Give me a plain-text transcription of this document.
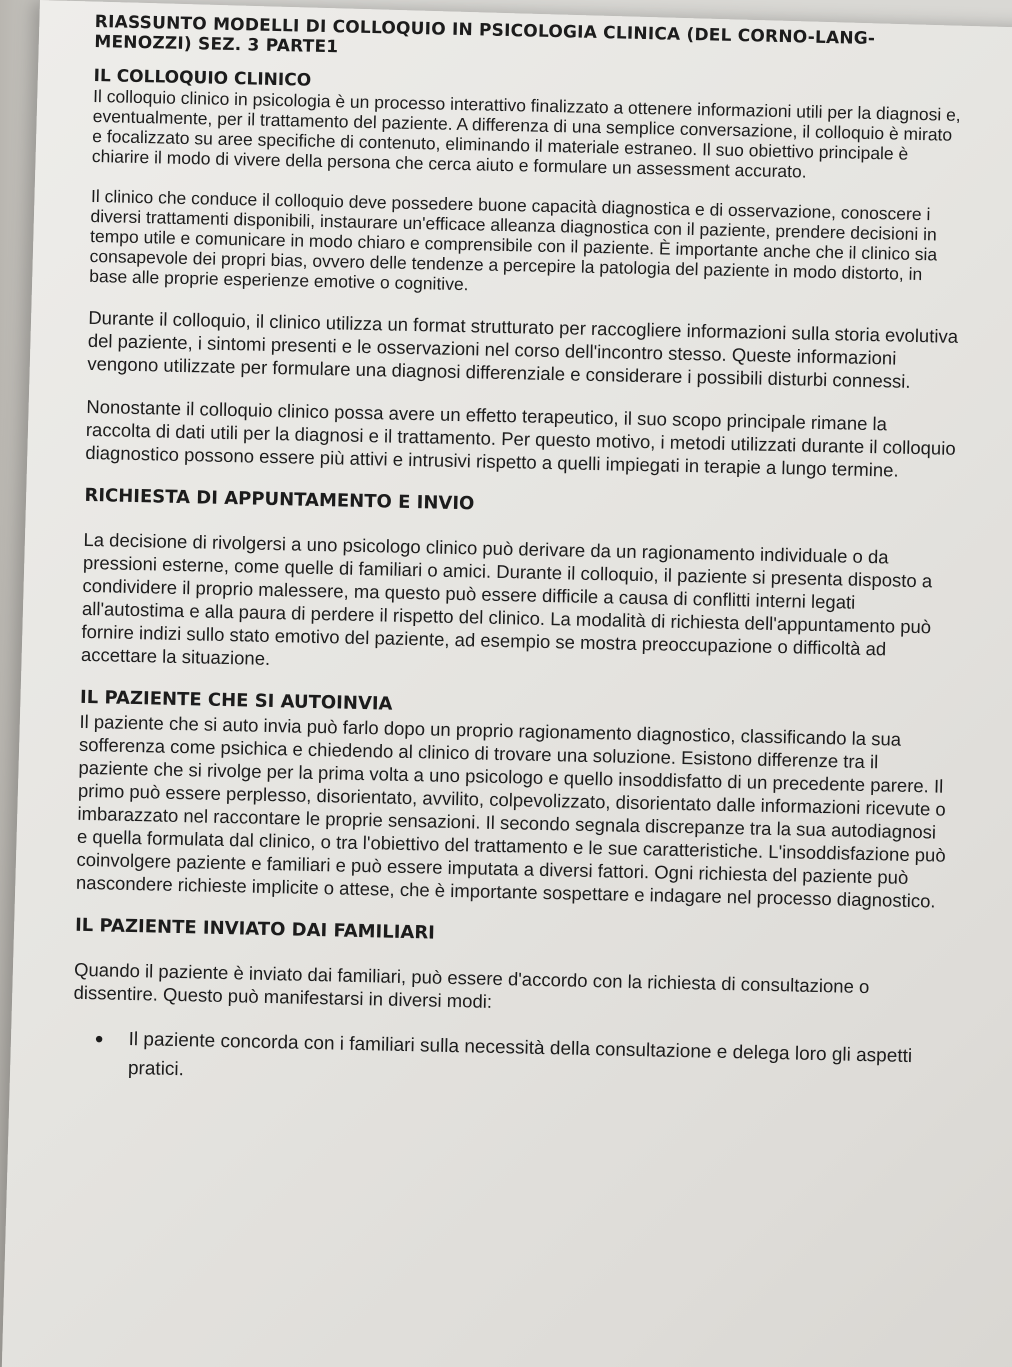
RIASSUNTO MODELLI DI COLLOQUIO IN PSICOLOGIA CLINICA (DEL CORNO-LANG-MENOZZI) SEZ. 3 PARTE1
IL COLLOQUIO CLINICO

Il colloquio clinico in psicologia è un processo interattivo finalizzato a ottenere informazioni utili per la diagnosi e, eventualmente, per il trattamento del paziente. A differenza di una semplice conversazione, il colloquio è mirato e focalizzato su aree specifiche di contenuto, eliminando il materiale estraneo. Il suo obiettivo principale è chiarire il modo di vivere della persona che cerca aiuto e formulare un assessment accurato.

Il clinico che conduce il colloquio deve possedere buone capacità diagnostica e di osservazione, conoscere i diversi trattamenti disponibili, instaurare un'efficace alleanza diagnostica con il paziente, prendere decisioni in tempo utile e comunicare in modo chiaro e comprensibile con il paziente. È importante anche che il clinico sia consapevole dei propri bias, ovvero delle tendenze a percepire la patologia del paziente in modo distorto, in base alle proprie esperienze emotive o cognitive.

Durante il colloquio, il clinico utilizza un format strutturato per raccogliere informazioni sulla storia evolutiva del paziente, i sintomi presenti e le osservazioni nel corso dell'incontro stesso. Queste informazioni vengono utilizzate per formulare una diagnosi differenziale e considerare i possibili disturbi connessi.

Nonostante il colloquio clinico possa avere un effetto terapeutico, il suo scopo principale rimane la raccolta di dati utili per la diagnosi e il trattamento. Per questo motivo, i metodi utilizzati durante il colloquio diagnostico possono essere più attivi e intrusivi rispetto a quelli impiegati in terapie a lungo termine.

RICHIESTA DI APPUNTAMENTO E INVIO

La decisione di rivolgersi a uno psicologo clinico può derivare da un ragionamento individuale o da pressioni esterne, come quelle di familiari o amici. Durante il colloquio, il paziente si presenta disposto a condividere il proprio malessere, ma questo può essere difficile a causa di conflitti interni legati all'autostima e alla paura di perdere il rispetto del clinico. La modalità di richiesta dell'appuntamento può fornire indizi sullo stato emotivo del paziente, ad esempio se mostra preoccupazione o difficoltà ad accettare la situazione.

IL PAZIENTE CHE SI AUTOINVIA

Il paziente che si auto invia può farlo dopo un proprio ragionamento diagnostico, classificando la sua sofferenza come psichica e chiedendo al clinico di trovare una soluzione. Esistono differenze tra il paziente che si rivolge per la prima volta a uno psicologo e quello insoddisfatto di un precedente parere. Il primo può essere perplesso, disorientato, avvilito, colpevolizzato, disorientato dalle informazioni ricevute o imbarazzato nel raccontare le proprie sensazioni. Il secondo segnala discrepanze tra la sua autodiagnosi e quella formulata dal clinico, o tra l'obiettivo del trattamento e le sue caratteristiche. L'insoddisfazione può coinvolgere paziente e familiari e può essere imputata a diversi fattori. Ogni richiesta del paziente può nascondere richieste implicite o attese, che è importante sospettare e indagare nel processo diagnostico.

IL PAZIENTE INVIATO DAI FAMILIARI

Quando il paziente è inviato dai familiari, può essere d'accordo con la richiesta di consultazione o dissentire. Questo può manifestarsi in diversi modi:

●	Il paziente concorda con i familiari sulla necessità della consultazione e delega loro gli aspetti pratici.
